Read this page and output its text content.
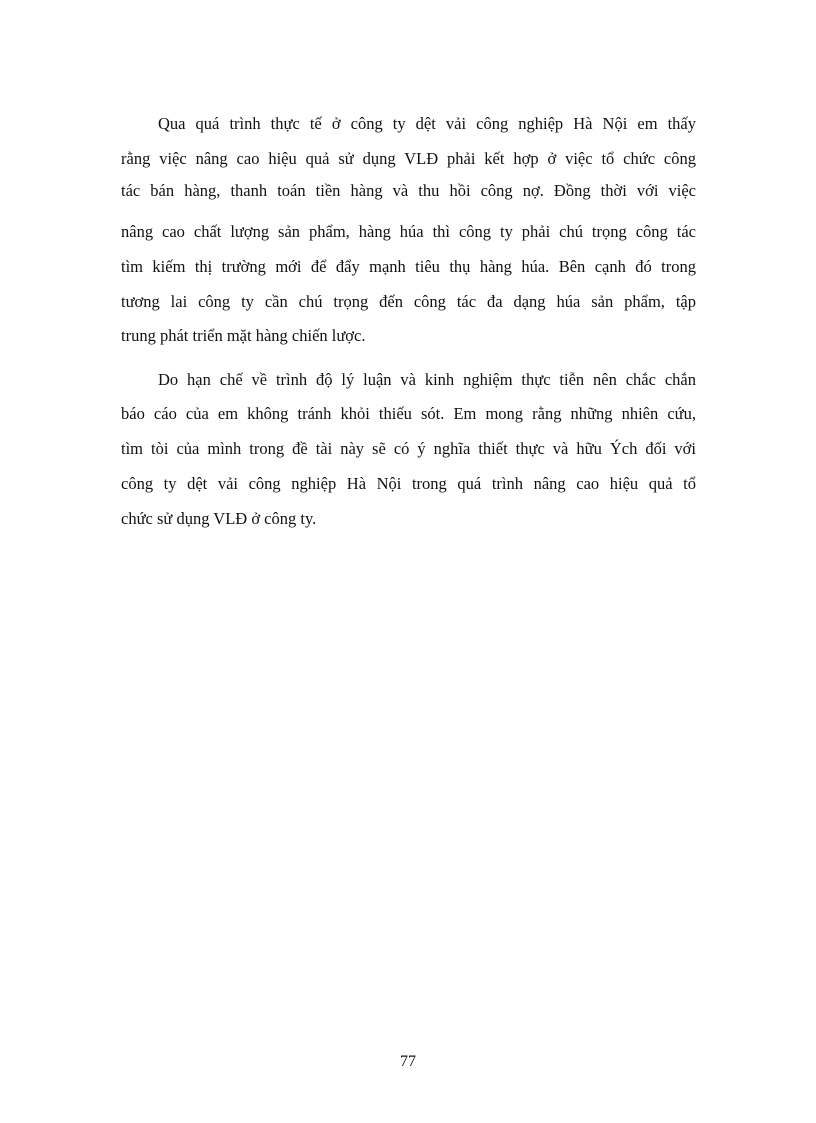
Qua quá trình thực tế ở công ty dệt vải công nghiệp Hà Nội em thấy
rằng việc nâng cao hiệu quả sử dụng VLĐ phải kết hợp ở việc tổ chức công
tác bán hàng, thanh toán tiền hàng và thu hồi công nợ. Đồng thời với việc
nâng cao chất lượng sản phẩm, hàng húa thì công ty phải chú trọng công tác
tìm kiếm thị trường mới để đẩy mạnh tiêu thụ hàng húa. Bên cạnh đó trong
tương lai công ty cần chú trọng đến công tác đa dạng húa sản phẩm, tập
trung phát triển mặt hàng chiến lược.
Do hạn chế về trình độ lý luận và kinh nghiệm thực tiễn nên chắc chắn
báo cáo của em không tránh khỏi thiếu sót. Em mong rằng những nhiên cứu,
tìm tòi của mình trong đề tài này sẽ có ý nghĩa thiết thực và hữu Ých đối với
công ty dệt vải công nghiệp Hà Nội trong quá trình nâng cao hiệu quả tổ
chức sử dụng VLĐ ở công ty.
77
